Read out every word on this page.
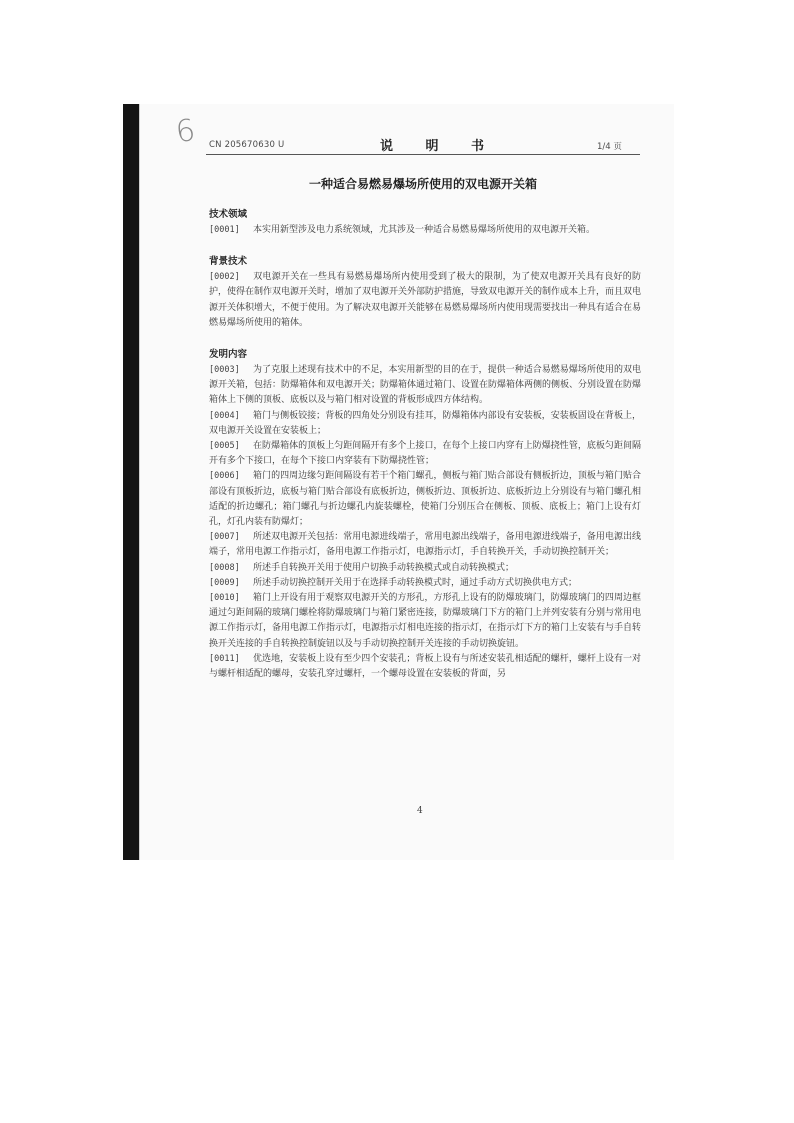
6 CN 205670630 U	说 明 书	1/4 页
一种适合易燃易爆场所使用的双电源开关箱
技术领域

[0001] 本实用新型涉及电力系统领域，尤其涉及一种适合易燃易爆场所使用的双电源开关箱。

背景技术

[0002] 双电源开关在一些具有易燃易爆场所内使用受到了极大的限制，为了使双电源开关具有良好的防护，使得在制作双电源开关时，增加了双电源开关外部防护措施，导致双电源开关的制作成本上升，而且双电源开关体积增大，不便于使用。为了解决双电源开关能够在易燃易爆场所内使用现需要找出一种具有适合在易燃易爆场所使用的箱体。

发明内容

[0003] 为了克服上述现有技术中的不足，本实用新型的目的在于，提供一种适合易燃易爆场所使用的双电源开关箱，包括：防爆箱体和双电源开关；防爆箱体通过箱门、设置在防爆箱体两侧的侧板、分别设置在防爆箱体上下侧的顶板、底板以及与箱门相对设置的背板形成四方体结构。

[0004] 箱门与侧板铰接；背板的四角处分别设有挂耳，防爆箱体内部设有安装板，安装板固设在背板上，双电源开关设置在安装板上；

[0005] 在防爆箱体的顶板上匀距间隔开有多个上接口，在每个上接口内穿有上防爆挠性管，底板匀距间隔开有多个下接口，在每个下接口内穿装有下防爆挠性管；

[0006] 箱门的四周边缘匀距间隔设有若干个箱门螺孔，侧板与箱门贴合部设有侧板折边，顶板与箱门贴合部设有顶板折边，底板与箱门贴合部设有底板折边，侧板折边、顶板折边、底板折边上分别设有与箱门螺孔相适配的折边螺孔；箱门螺孔与折边螺孔内旋装螺栓，使箱门分别压合在侧板、顶板、底板上；箱门上设有灯孔，灯孔内装有防爆灯；

[0007] 所述双电源开关包括：常用电源进线端子，常用电源出线端子，备用电源进线端子，备用电源出线端子，常用电源工作指示灯，备用电源工作指示灯，电源指示灯，手自转换开关，手动切换控制开关；

[0008] 所述手自转换开关用于使用户切换手动转换模式或自动转换模式；

[0009] 所述手动切换控制开关用于在选择手动转换模式时，通过手动方式切换供电方式；

[0010] 箱门上开设有用于观察双电源开关的方形孔，方形孔上设有的防爆玻璃门，防爆玻璃门的四周边框通过匀距间隔的玻璃门螺栓将防爆玻璃门与箱门紧密连接，防爆玻璃门下方的箱门上并列安装有分别与常用电源工作指示灯，备用电源工作指示灯，电源指示灯相电连接的指示灯，在指示灯下方的箱门上安装有与手自转换开关连接的手自转换控制旋钮以及与手动切换控制开关连接的手动切换旋钮。

[0011] 优选地，安装板上设有至少四个安装孔；背板上设有与所述安装孔相适配的螺杆，螺杆上设有一对与螺杆相适配的螺母，安装孔穿过螺杆，一个螺母设置在安装板的背面，另

4
